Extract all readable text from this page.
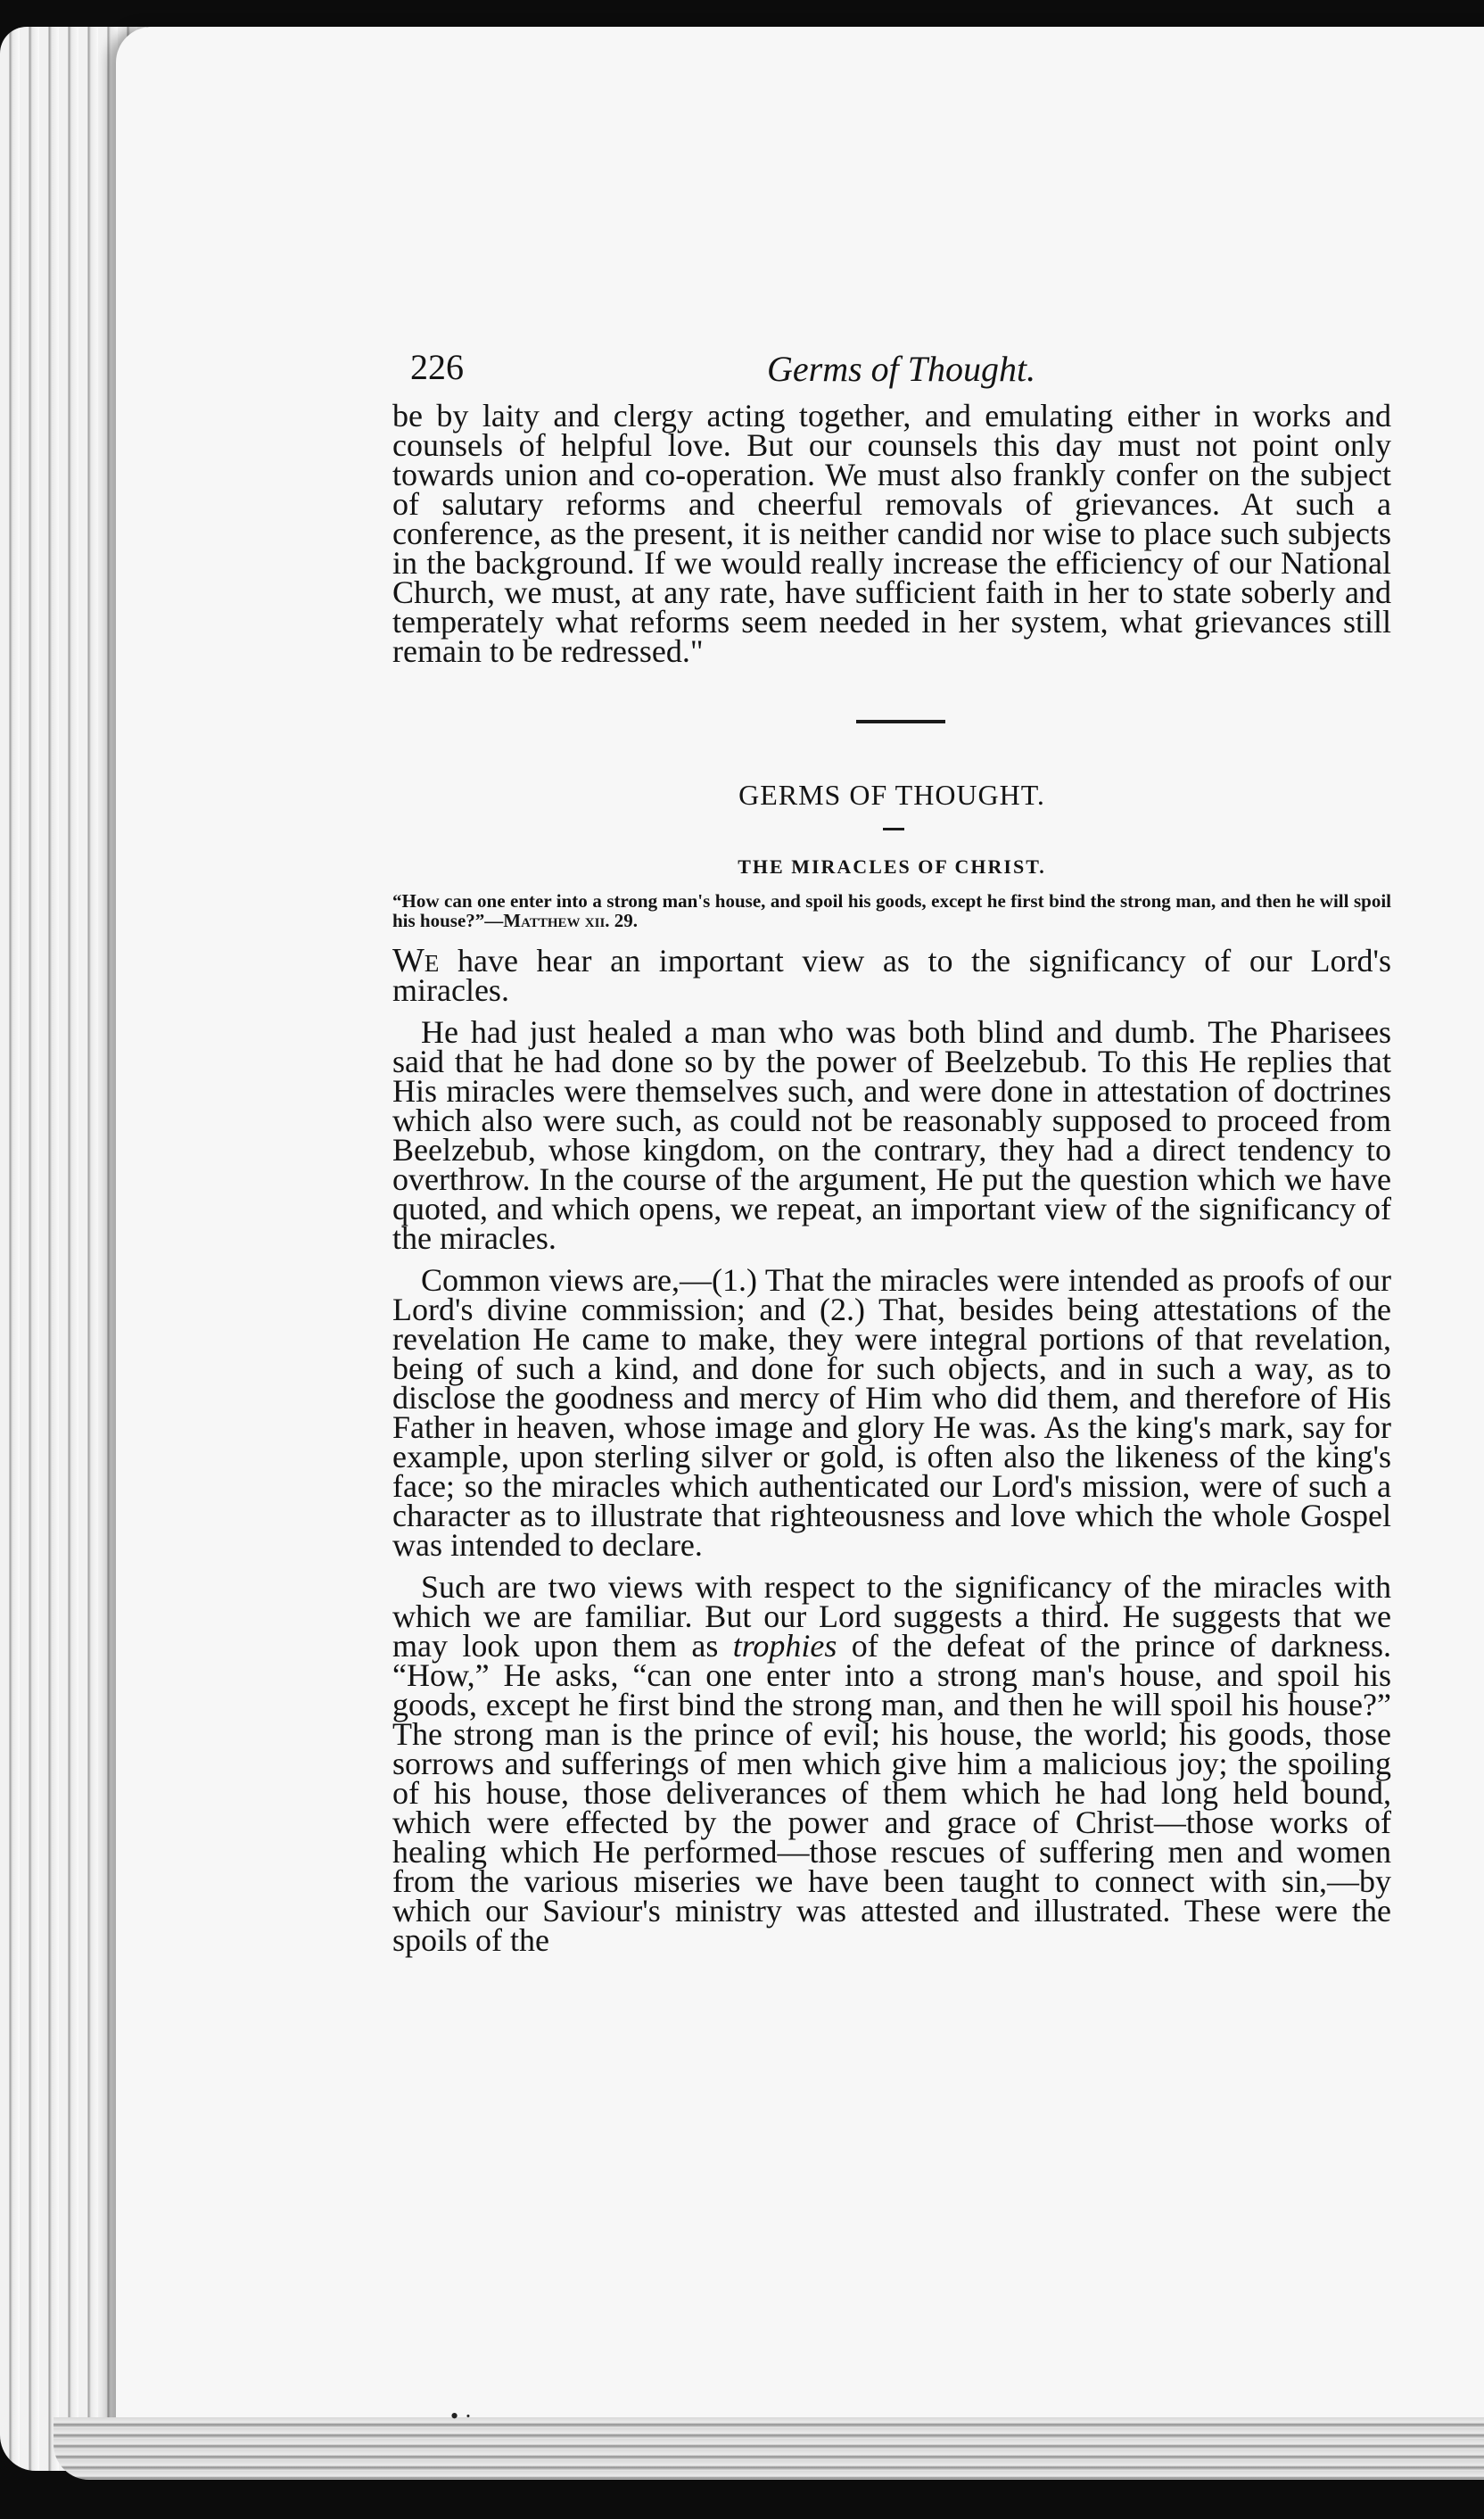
226	Germs of Thought.

be by laity and clergy acting together, and emulating either in works and counsels of helpful love. But our counsels this day must not point only towards union and co-operation. We must also frankly confer on the subject of salutary reforms and cheerful removals of grievances. At such a conference, as the present, it is neither candid nor wise to place such subjects in the background. If we would really increase the efficiency of our National Church, we must, at any rate, have sufficient faith in her to state soberly and temperately what reforms seem needed in her system, what grievances still remain to be redressed."

GERMS OF THOUGHT.
THE MIRACLES OF CHRIST.
“How can one enter into a strong man's house, and spoil his goods, except he first bind the strong man, and then he will spoil his house?”—Matthew xii. 29.

We have hear an important view as to the significancy of our Lord's miracles.

He had just healed a man who was both blind and dumb. The Pharisees said that he had done so by the power of Beelzebub. To this He replies that His miracles were themselves such, and were done in attestation of doctrines which also were such, as could not be reasonably supposed to proceed from Beelzebub, whose kingdom, on the contrary, they had a direct tendency to overthrow. In the course of the argument, He put the question which we have quoted, and which opens, we repeat, an important view of the significancy of the miracles.

Common views are,—(1.) That the miracles were intended as proofs of our Lord's divine commission; and (2.) That, besides being attestations of the revelation He came to make, they were integral portions of that revelation, being of such a kind, and done for such objects, and in such a way, as to disclose the goodness and mercy of Him who did them, and therefore of His Father in heaven, whose image and glory He was. As the king's mark, say for example, upon sterling silver or gold, is often also the likeness of the king's face; so the miracles which authenticated our Lord's mission, were of such a character as to illustrate that righteousness and love which the whole Gospel was intended to declare.

Such are two views with respect to the significancy of the miracles with which we are familiar. But our Lord suggests a third. He suggests that we may look upon them as trophies of the defeat of the prince of darkness. “How,” He asks, “can one enter into a strong man's house, and spoil his goods, except he first bind the strong man, and then he will spoil his house?” The strong man is the prince of evil; his house, the world; his goods, those sorrows and sufferings of men which give him a malicious joy; the spoiling of his house, those deliverances of them which he had long held bound, which were effected by the power and grace of Christ—those works of healing which He performed—those rescues of suffering men and women from the various miseries we have been taught to connect with sin,—by which our Saviour's ministry was attested and illustrated. These were the spoils of the

• ·
